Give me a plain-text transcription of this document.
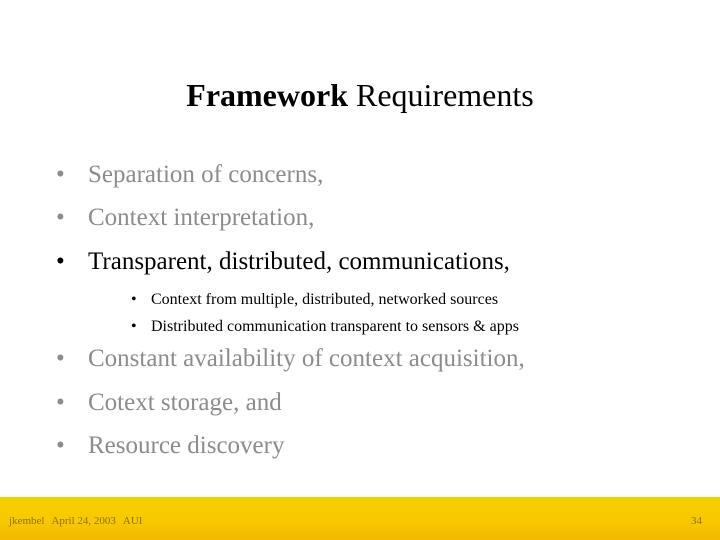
Framework Requirements
• Separation of concerns,
• Context interpretation,
• Transparent, distributed, communications,
• Context from multiple, distributed, networked sources
• Distributed communication transparent to sensors & apps
• Constant availability of context acquisition,
• Cotext storage, and
• Resource discovery
jkembel April 24, 2003 AUI	34
